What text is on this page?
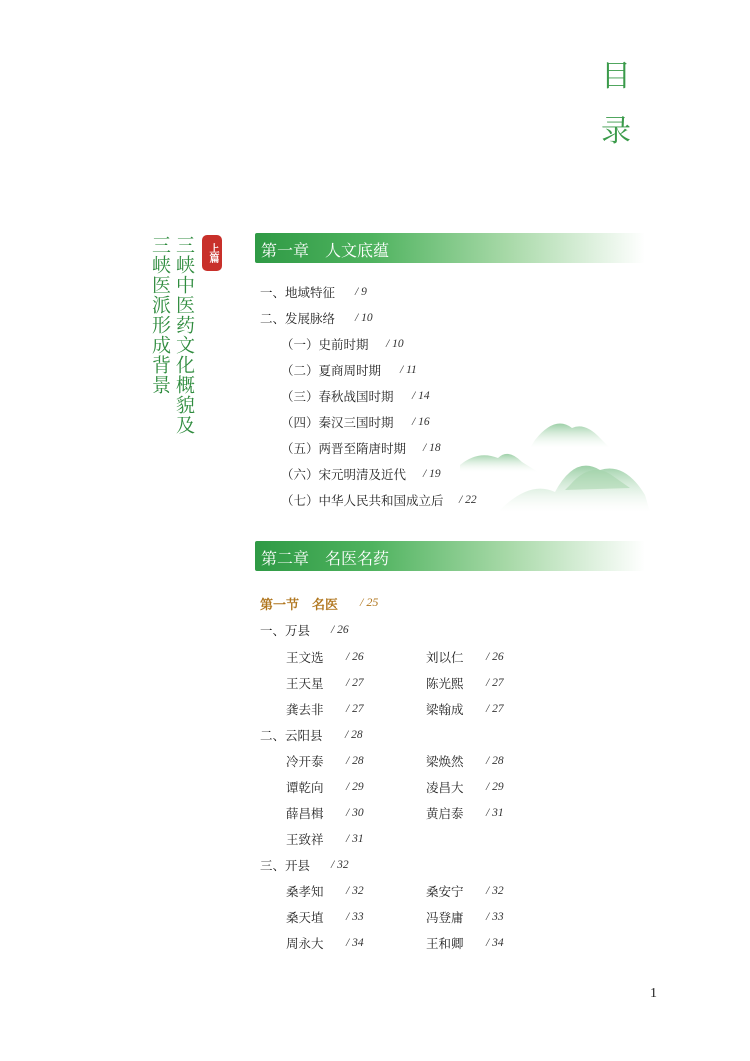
目
录
上篇
三峡中医药文化概貌及
三峡医派形成背景	第一章　人文底蕴
一、地域特征 / 9
二、发展脉络 / 10
（一）史前时期 / 10
（二）夏商周时期 / 11
（三）春秋战国时期 / 14
（四）秦汉三国时期 / 16
（五）两晋至隋唐时期 / 18
（六）宋元明清及近代 / 19
（七）中华人民共和国成立后 / 22
第二章　名医名药
第一节　名医 / 25
一、万县 / 26
王文选 / 26	刘以仁 / 26
王天星 / 27	陈光熙 / 27
龚去非 / 27	梁翰成 / 27
二、云阳县 / 28
冷开泰 / 28	梁焕然 / 28
谭乾向 / 29	凌昌大 / 29
薛昌楫 / 30	黄启泰 / 31
王致祥 / 31
三、开县 / 32
桑孝知 / 32	桑安宁 / 32
桑天埴 / 33	冯登庸 / 33
周永大 / 34	王和卿 / 34
1
